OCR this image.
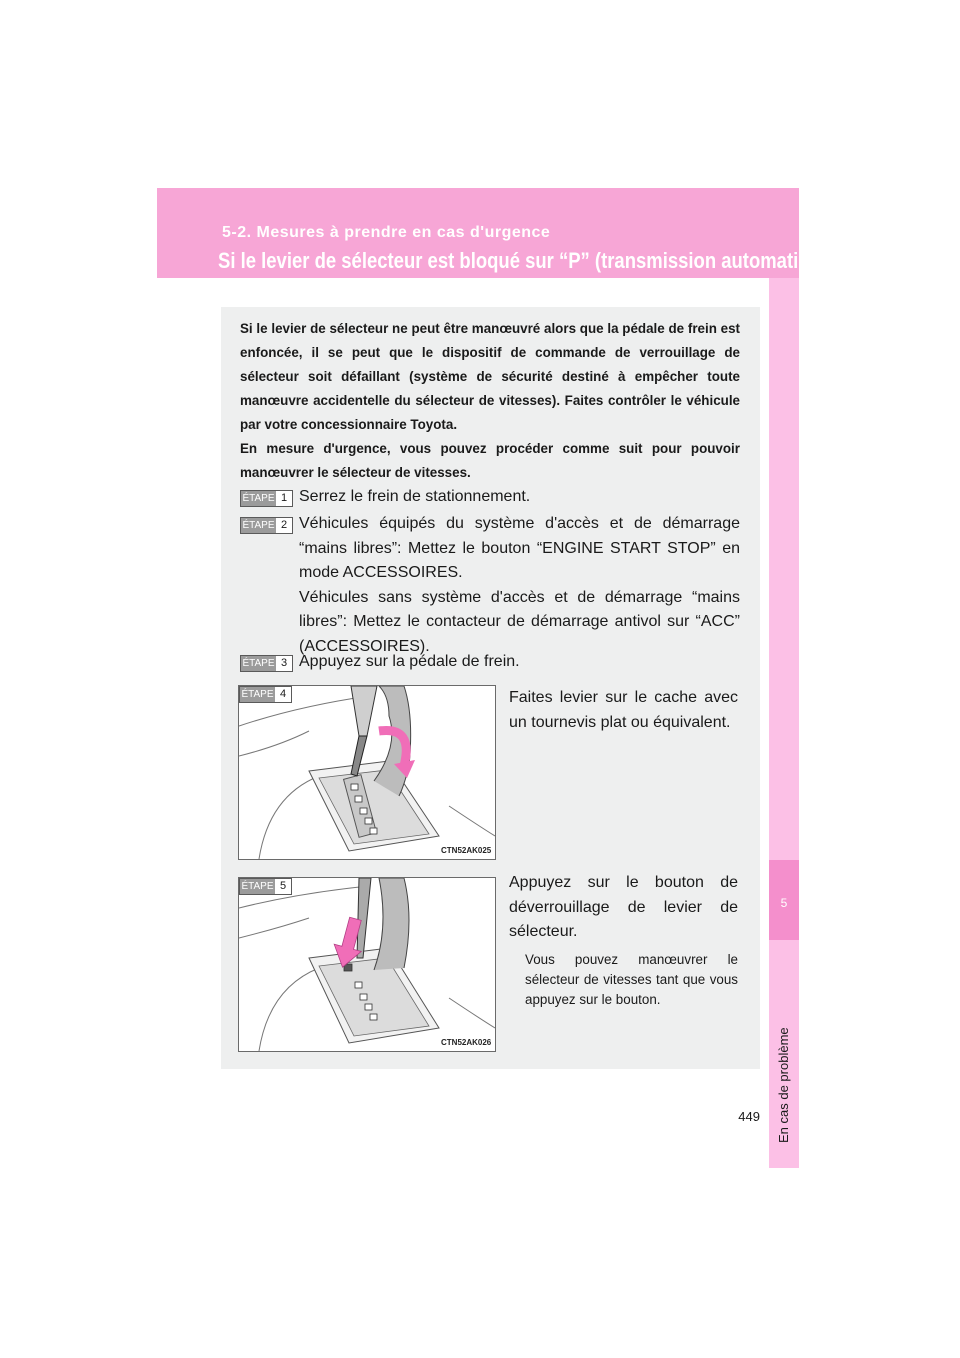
5-2. Mesures à prendre en cas d'urgence
Si le levier de sélecteur est bloqué sur “P” (transmission automatique)
5
En cas de problème

Si le levier de sélecteur ne peut être manœuvré alors que la pédale de frein est enfoncée, il se peut que le dispositif de commande de verrouillage de sélecteur soit défaillant (système de sécurité destiné à empêcher toute manœuvre accidentelle du sélecteur de vitesses). Faites contrôler le véhicule par votre concessionnaire Toyota.

En mesure d'urgence, vous pouvez procéder comme suit pour pouvoir manœuvrer le sélecteur de vitesses.

ÉTAPE 1 Serrez le frein de stationnement.
ÉTAPE 2 Véhicules équipés du système d'accès et de démarrage “mains libres”: Mettez le bouton “ENGINE START STOP” en mode ACCESSOIRES.

Véhicules sans système d'accès et de démarrage “mains libres”: Mettez le contacteur de démarrage antivol sur “ACC” (ACCESSOIRES).

ÉTAPE 3 Appuyez sur la pédale de frein.
ÉTAPE 4
CTN52AK025

Faites levier sur le cache avec un tournevis plat ou équivalent.

ÉTAPE 5
CTN52AK026

Appuyez sur le bouton de déverrouillage de levier de sélecteur.

Vous pouvez manœuvrer le sélecteur de vitesses tant que vous appuyez sur le bouton.

449
